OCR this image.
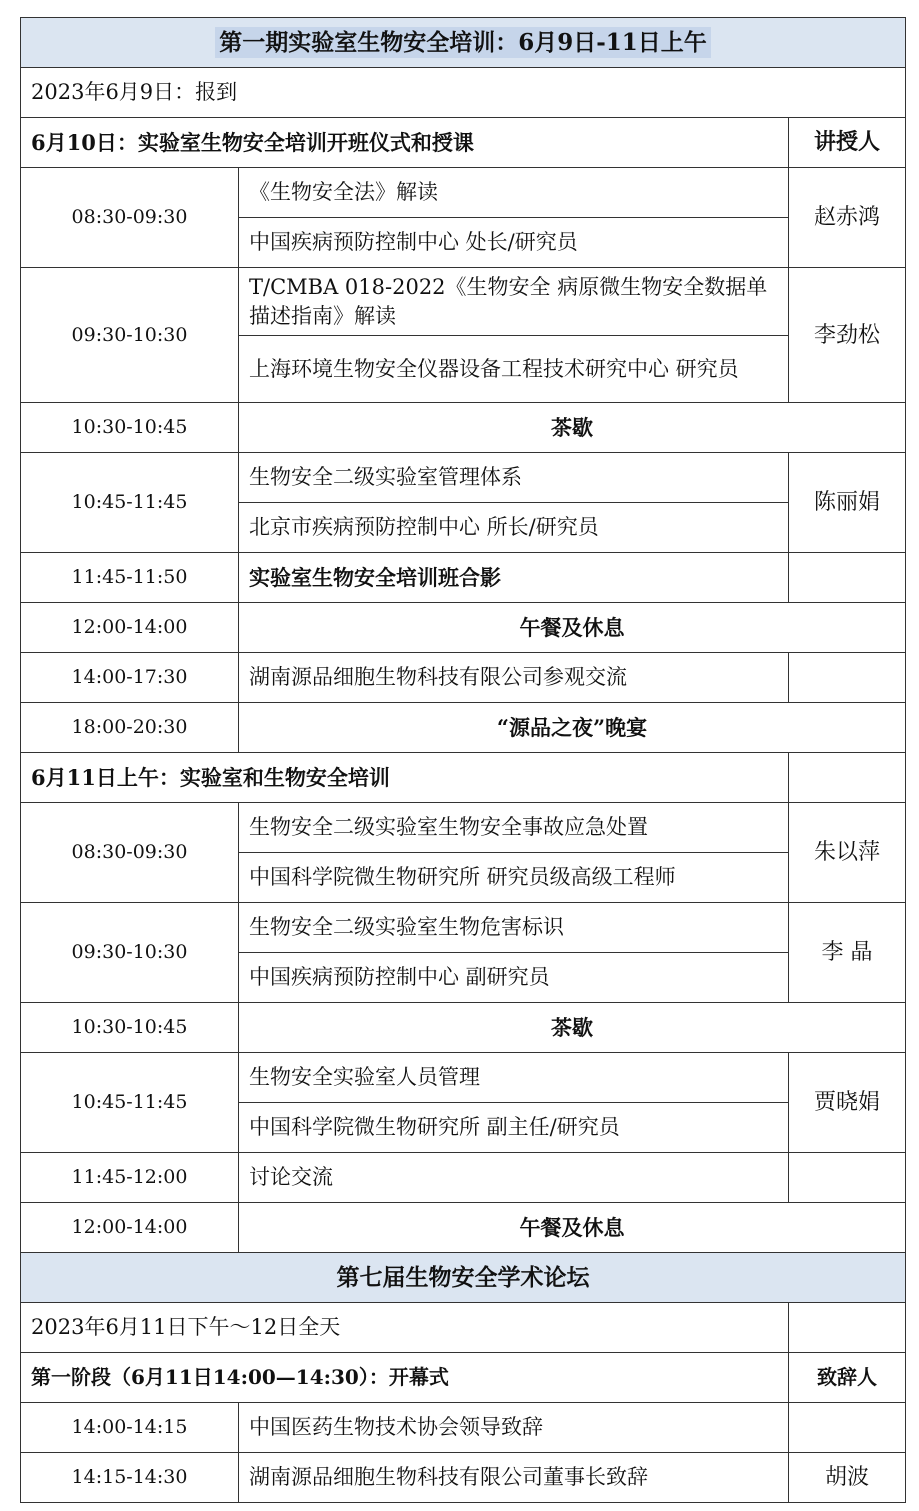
第一期实验室生物安全培训：6月9日-11日上午		
2023年6月9日：报到		
6月10日：实验室生物安全培训开班仪式和授课		讲授人
08:30-09:30	《生物安全法》解读	赵赤鸿
	中国疾病预防控制中心 处长/研究员	
09:30-10:30	T/CMBA 018-2022《生物安全 病原微生物安全数据单描述指南》解读	李劲松
	上海环境生物安全仪器设备工程技术研究中心 研究员	
10:30-10:45	茶歇	
10:45-11:45	生物安全二级实验室管理体系	陈丽娟
	北京市疾病预防控制中心 所长/研究员	
11:45-11:50	实验室生物安全培训班合影	
12:00-14:00	午餐及休息	
14:00-17:30	湖南源品细胞生物科技有限公司参观交流	
18:00-20:30	“源品之夜”晚宴	
6月11日上午：实验室和生物安全培训		
08:30-09:30	生物安全二级实验室生物安全事故应急处置	朱以萍
	中国科学院微生物研究所 研究员级高级工程师	
09:30-10:30	生物安全二级实验室生物危害标识	李 晶
	中国疾病预防控制中心 副研究员	
10:30-10:45	茶歇	
10:45-11:45	生物安全实验室人员管理	贾晓娟
	中国科学院微生物研究所 副主任/研究员	
11:45-12:00	讨论交流	
12:00-14:00	午餐及休息	
第七届生物安全学术论坛		
2023年6月11日下午～12日全天		
第一阶段（6月11日14:00—14:30）：开幕式		致辞人
14:00-14:15	中国医药生物技术协会领导致辞	
14:15-14:30	湖南源品细胞生物科技有限公司董事长致辞	胡波
